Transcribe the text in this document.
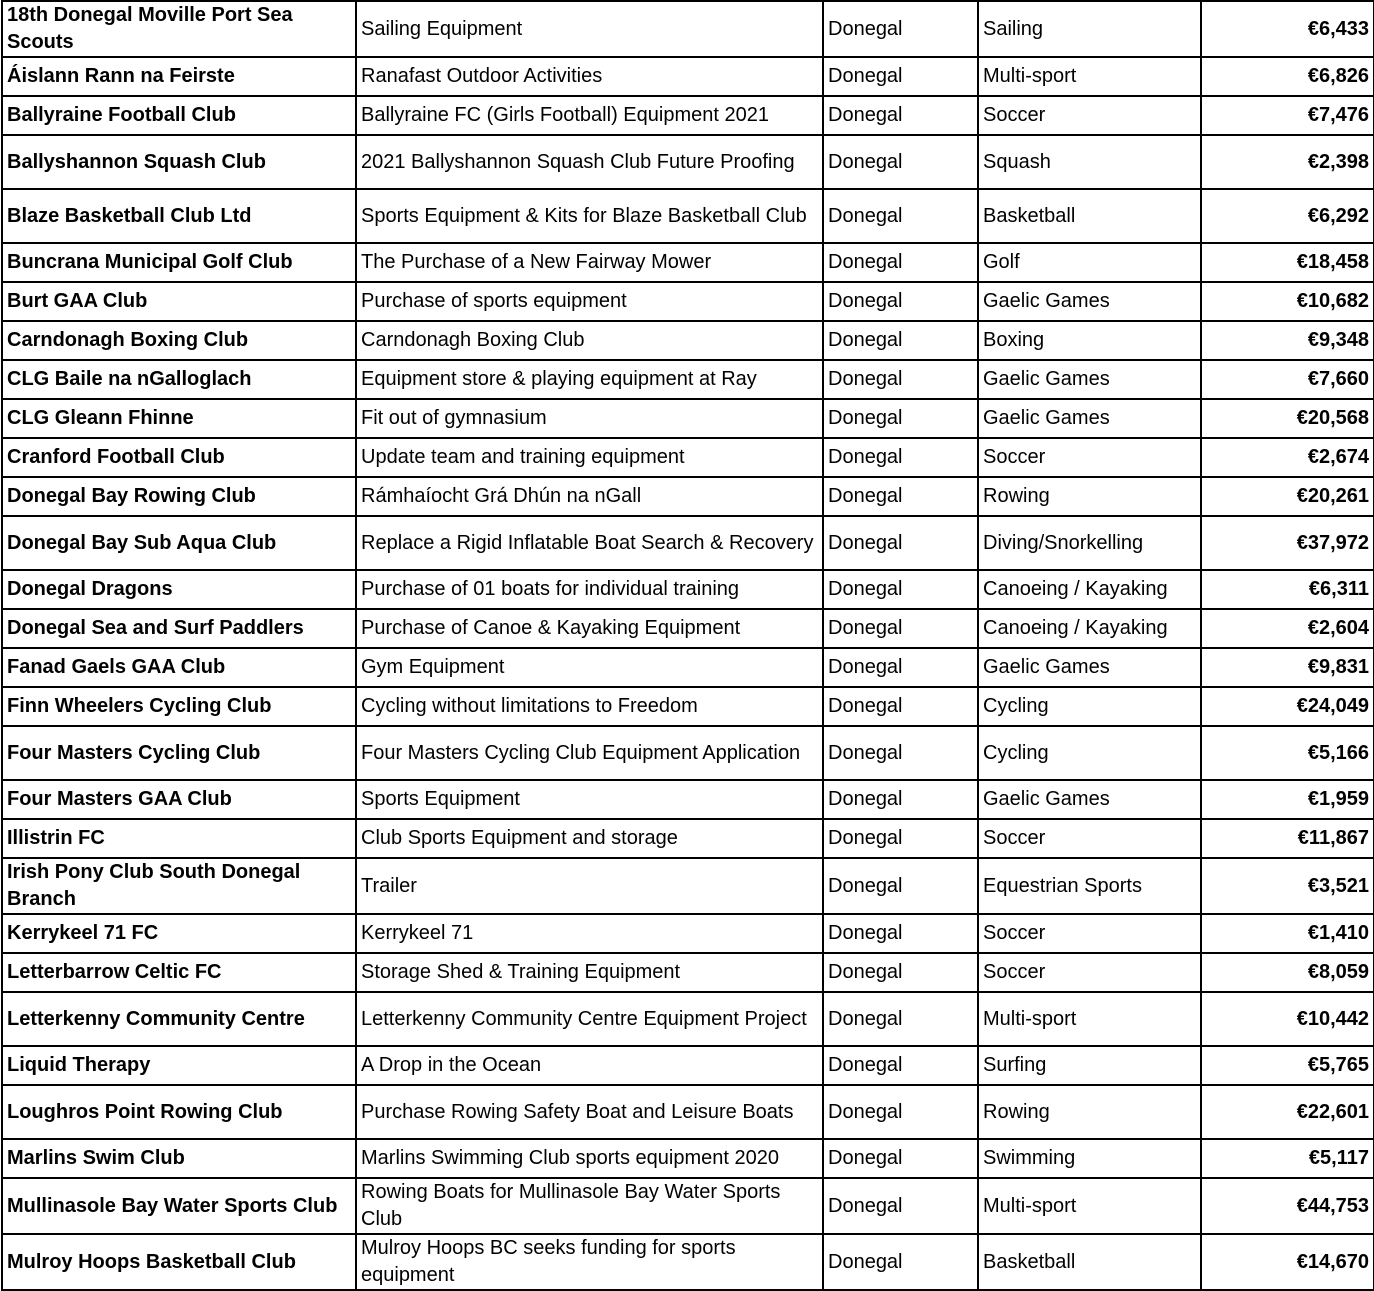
18th Donegal Moville Port Sea Scouts	Sailing Equipment	Donegal	Sailing	€6,433
Áislann Rann na Feirste	Ranafast Outdoor Activities	Donegal	Multi-sport	€6,826
Ballyraine Football Club	Ballyraine FC (Girls Football) Equipment 2021	Donegal	Soccer	€7,476
Ballyshannon Squash Club	2021 Ballyshannon Squash Club Future Proofing	Donegal	Squash	€2,398
Blaze Basketball Club Ltd	Sports Equipment & Kits for Blaze Basketball Club	Donegal	Basketball	€6,292
Buncrana Municipal Golf Club	The Purchase of a New Fairway Mower	Donegal	Golf	€18,458
Burt GAA Club	Purchase of sports equipment	Donegal	Gaelic Games	€10,682
Carndonagh Boxing Club	Carndonagh Boxing Club	Donegal	Boxing	€9,348
CLG Baile na nGalloglach	Equipment store & playing equipment at Ray	Donegal	Gaelic Games	€7,660
CLG Gleann Fhinne	Fit out of gymnasium	Donegal	Gaelic Games	€20,568
Cranford Football Club	Update team and training equipment	Donegal	Soccer	€2,674
Donegal Bay Rowing Club	Rámhaíocht Grá Dhún na nGall	Donegal	Rowing	€20,261
Donegal Bay Sub Aqua Club	Replace a Rigid Inflatable Boat Search & Recovery	Donegal	Diving/Snorkelling	€37,972
Donegal Dragons	Purchase of 01 boats for individual training	Donegal	Canoeing / Kayaking	€6,311
Donegal Sea and Surf Paddlers	Purchase of Canoe & Kayaking Equipment	Donegal	Canoeing / Kayaking	€2,604
Fanad Gaels GAA Club	Gym Equipment	Donegal	Gaelic Games	€9,831
Finn Wheelers Cycling Club	Cycling without limitations to Freedom	Donegal	Cycling	€24,049
Four Masters Cycling Club	Four Masters Cycling Club Equipment Application	Donegal	Cycling	€5,166
Four Masters GAA Club	Sports Equipment	Donegal	Gaelic Games	€1,959
Illistrin FC	Club Sports Equipment and storage	Donegal	Soccer	€11,867
Irish Pony Club South Donegal Branch	Trailer	Donegal	Equestrian Sports	€3,521
Kerrykeel 71 FC	Kerrykeel 71	Donegal	Soccer	€1,410
Letterbarrow Celtic FC	Storage Shed & Training Equipment	Donegal	Soccer	€8,059
Letterkenny Community Centre	Letterkenny Community Centre Equipment Project	Donegal	Multi-sport	€10,442
Liquid Therapy	A Drop in the Ocean	Donegal	Surfing	€5,765
Loughros Point Rowing Club	Purchase Rowing Safety Boat and Leisure Boats	Donegal	Rowing	€22,601
Marlins Swim Club	Marlins Swimming Club sports equipment 2020	Donegal	Swimming	€5,117
Mullinasole Bay Water Sports Club	Rowing Boats for Mullinasole Bay Water Sports Club	Donegal	Multi-sport	€44,753
Mulroy Hoops Basketball Club	Mulroy Hoops BC seeks funding for sports equipment	Donegal	Basketball	€14,670
